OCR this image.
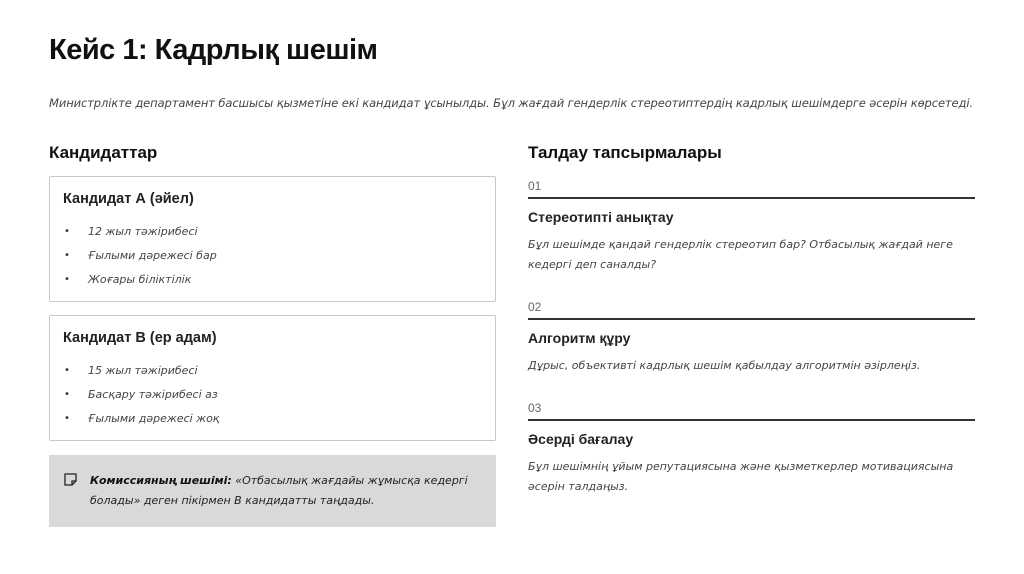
Кейс 1: Кадрлық шешім

Министрлікте департамент басшысы қызметіне екі кандидат ұсынылды. Бұл жағдай гендерлік стереотиптердің кадрлық шешімдерге әсерін көрсетеді.

Кандидаттар
Кандидат А (әйел)
• 12 жыл тәжірибесі
• Ғылыми дәрежесі бар
• Жоғары біліктілік
Кандидат В (ер адам)
• 15 жыл тәжірибесі
• Басқару тәжірибесі аз
• Ғылыми дәрежесі жоқ
Комиссияның шешімі: «Отбасылық жағдайы жұмысқа кедергі болады» деген пікірмен В кандидатты таңдады.
Талдау тапсырмалары
01
Стереотипті анықтау
Бұл шешімде қандай гендерлік стереотип бар? Отбасылық жағдай неге кедергі деп саналды?
02
Алгоритм құру
Дұрыс, объективті кадрлық шешім қабылдау алгоритмін әзірлеңіз.
03
Әсерді бағалау
Бұл шешімнің ұйым репутациясына және қызметкерлер мотивациясына әсерін талдаңыз.
